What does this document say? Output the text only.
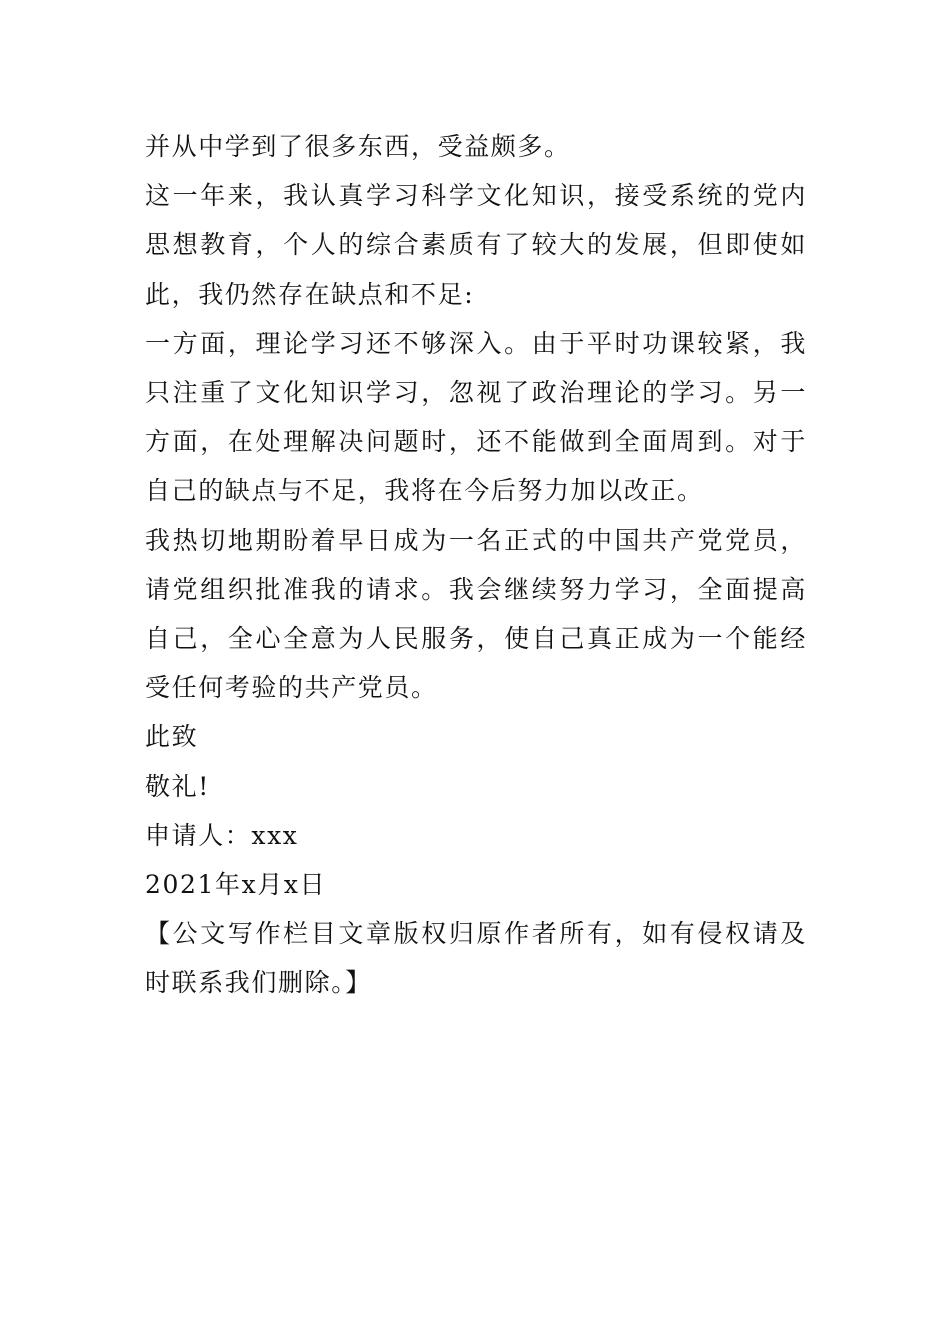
并从中学到了很多东西，受益颇多。

这一年来，我认真学习科学文化知识，接受系统的党内思想教育，个人的综合素质有了较大的发展，但即使如此，我仍然存在缺点和不足:

一方面，理论学习还不够深入。由于平时功课较紧，我只注重了文化知识学习，忽视了政治理论的学习。另一方面，在处理解决问题时，还不能做到全面周到。对于自己的缺点与不足，我将在今后努力加以改正。

我热切地期盼着早日成为一名正式的中国共产党党员，请党组织批准我的请求。我会继续努力学习，全面提高自己，全心全意为人民服务，使自己真正成为一个能经受任何考验的共产党员。

此致

敬礼!

申请人：xxx

2021年x月x日

【公文写作栏目文章版权归原作者所有，如有侵权请及时联系我们删除。】
